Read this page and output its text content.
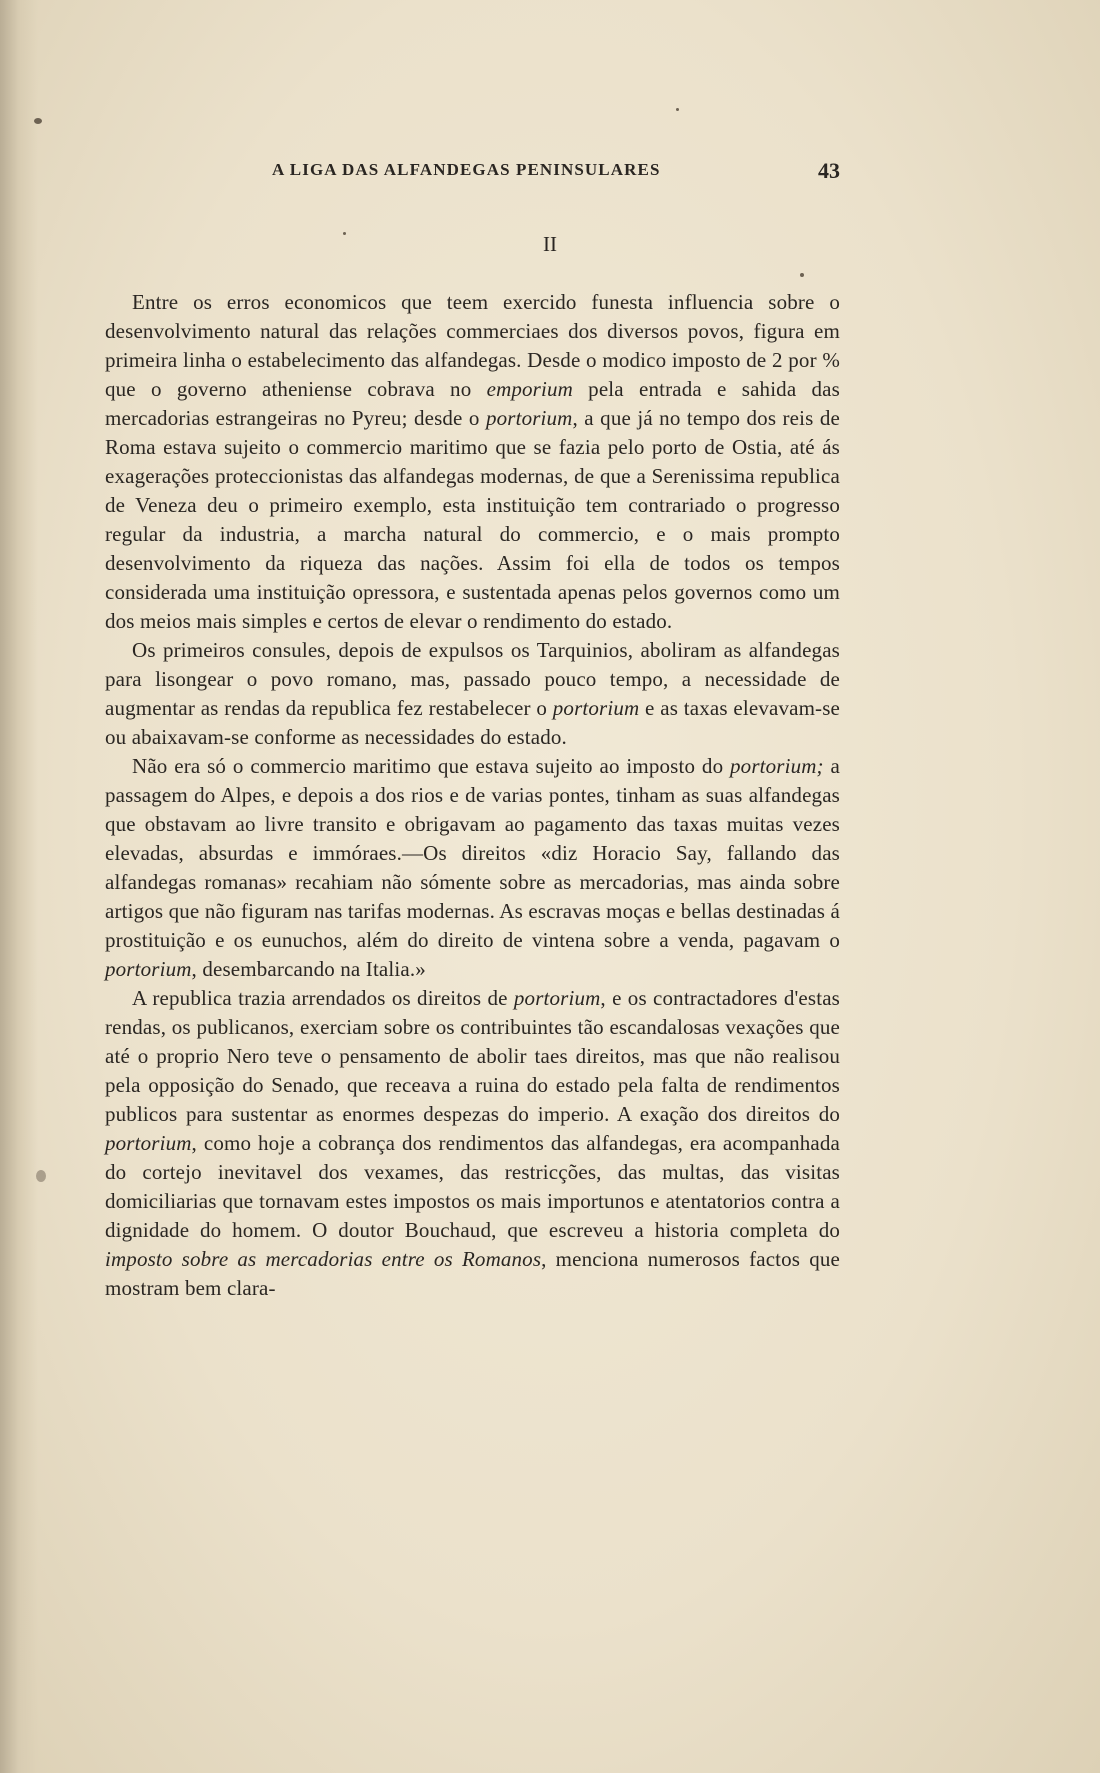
A LIGA DAS ALFANDEGAS PENINSULARES	43
II

Entre os erros economicos que teem exercido funesta influencia sobre o desenvolvimento natural das relações commerciaes dos diversos povos, figura em primeira linha o estabelecimento das alfandegas. Desde o modico imposto de 2 por % que o governo atheniense cobrava no emporium pela entrada e sahida das mercadorias estrangeiras no Pyreu; desde o portorium, a que já no tempo dos reis de Roma estava sujeito o commercio maritimo que se fazia pelo porto de Ostia, até ás exagerações proteccionistas das alfandegas modernas, de que a Serenissima republica de Veneza deu o primeiro exemplo, esta instituição tem contrariado o progresso regular da industria, a marcha natural do commercio, e o mais prompto desenvolvimento da riqueza das nações. Assim foi ella de todos os tempos considerada uma instituição opressora, e sustentada apenas pelos governos como um dos meios mais simples e certos de elevar o rendimento do estado.

Os primeiros consules, depois de expulsos os Tarquinios, aboliram as alfandegas para lisongear o povo romano, mas, passado pouco tempo, a necessidade de augmentar as rendas da republica fez restabelecer o portorium e as taxas elevavam-se ou abaixavam-se conforme as necessidades do estado.

Não era só o commercio maritimo que estava sujeito ao imposto do portorium; a passagem do Alpes, e depois a dos rios e de varias pontes, tinham as suas alfandegas que obstavam ao livre transito e obrigavam ao pagamento das taxas muitas vezes elevadas, absurdas e immóraes.—Os direitos «diz Horacio Say, fallando das alfandegas romanas» recahiam não sómente sobre as mercadorias, mas ainda sobre artigos que não figuram nas tarifas modernas. As escravas moças e bellas destinadas á prostituição e os eunuchos, além do direito de vintena sobre a venda, pagavam o portorium, desembarcando na Italia.»

A republica trazia arrendados os direitos de portorium, e os contractadores d'estas rendas, os publicanos, exerciam sobre os contribuintes tão escandalosas vexações que até o proprio Nero teve o pensamento de abolir taes direitos, mas que não realisou pela opposição do Senado, que receava a ruina do estado pela falta de rendimentos publicos para sustentar as enormes despezas do imperio. A exação dos direitos do portorium, como hoje a cobrança dos rendimentos das alfandegas, era acompanhada do cortejo inevitavel dos vexames, das restricções, das multas, das visitas domiciliarias que tornavam estes impostos os mais importunos e atentatorios contra a dignidade do homem. O doutor Bouchaud, que escreveu a historia completa do imposto sobre as mercadorias entre os Romanos, menciona numerosos factos que mostram bem clara-
